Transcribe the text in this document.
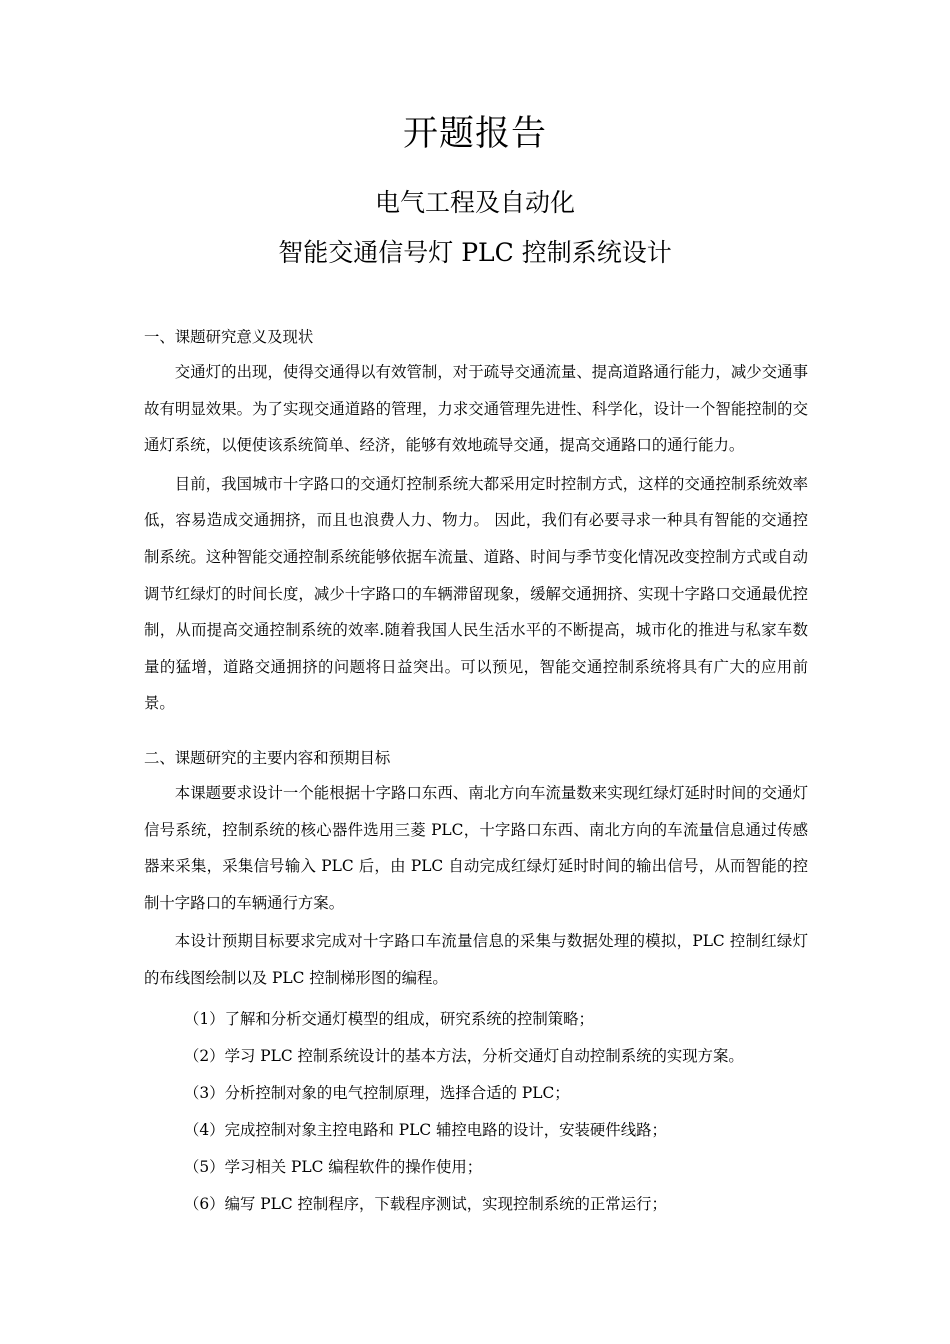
开题报告
电气工程及自动化
智能交通信号灯 PLC 控制系统设计
一、课题研究意义及现状

交通灯的出现，使得交通得以有效管制，对于疏导交通流量、提高道路通行能力，减少交通事故有明显效果。为了实现交通道路的管理，力求交通管理先进性、科学化，设计一个智能控制的交通灯系统，以便使该系统简单、经济，能够有效地疏导交通，提高交通路口的通行能力。

目前，我国城市十字路口的交通灯控制系统大都采用定时控制方式，这样的交通控制系统效率低，容易造成交通拥挤，而且也浪费人力、物力。 因此，我们有必要寻求一种具有智能的交通控制系统。这种智能交通控制系统能够依据车流量、道路、时间与季节变化情况改变控制方式或自动调节红绿灯的时间长度，减少十字路口的车辆滞留现象，缓解交通拥挤、实现十字路口交通最优控制，从而提高交通控制系统的效率.随着我国人民生活水平的不断提高，城市化的推进与私家车数量的猛增，道路交通拥挤的问题将日益突出。可以预见，智能交通控制系统将具有广大的应用前景。

二、课题研究的主要内容和预期目标

本课题要求设计一个能根据十字路口东西、南北方向车流量数来实现红绿灯延时时间的交通灯信号系统，控制系统的核心器件选用三菱 PLC，十字路口东西、南北方向的车流量信息通过传感器来采集，采集信号输入 PLC 后，由 PLC 自动完成红绿灯延时时间的输出信号，从而智能的控制十字路口的车辆通行方案。

本设计预期目标要求完成对十字路口车流量信息的采集与数据处理的模拟，PLC 控制红绿灯的布线图绘制以及 PLC 控制梯形图的编程。

（1）了解和分析交通灯模型的组成，研究系统的控制策略；
（2）学习 PLC 控制系统设计的基本方法，分析交通灯自动控制系统的实现方案。
（3）分析控制对象的电气控制原理，选择合适的 PLC；
（4）完成控制对象主控电路和 PLC 辅控电路的设计，安装硬件线路；
（5）学习相关 PLC 编程软件的操作使用；
（6）编写 PLC 控制程序，下载程序测试，实现控制系统的正常运行；
